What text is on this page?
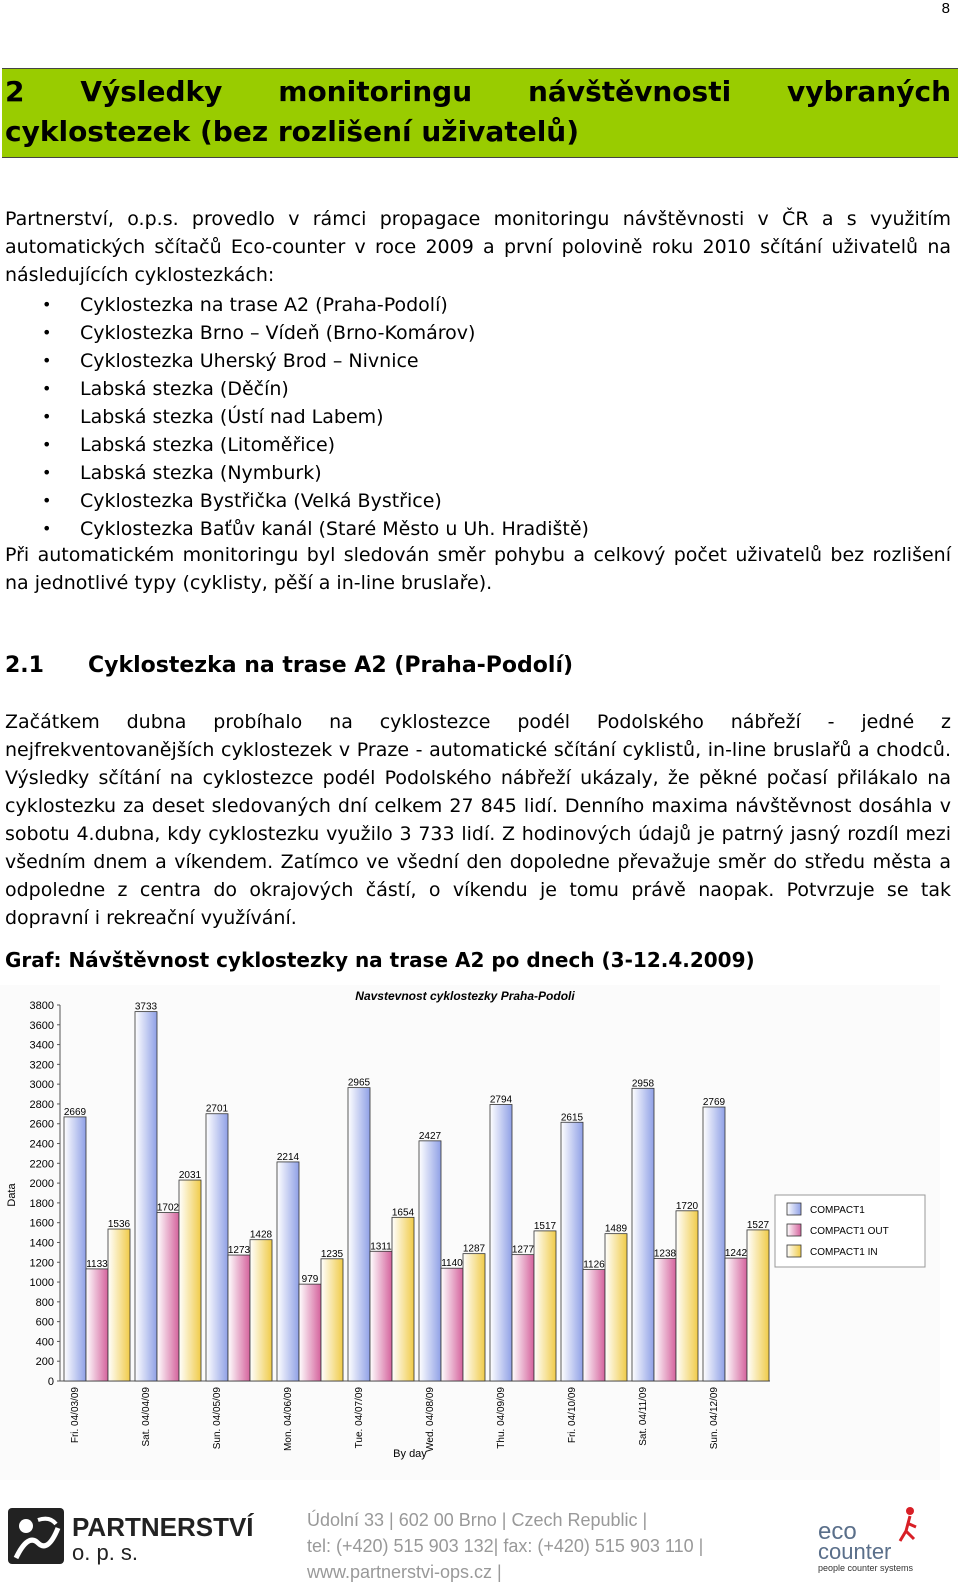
8
2 Výsledky monitoringu návštěvnosti vybraných cyklostezek (bez rozlišení uživatelů)

Partnerství, o.p.s. provedlo v rámci propagace monitoringu návštěvnosti v ČR a s využitím automatických sčítačů Eco-counter v roce 2009 a první polovině roku 2010 sčítání uživatelů na následujících cyklostezkách:

• Cyklostezka na trase A2 (Praha-Podolí)
• Cyklostezka Brno – Vídeň (Brno-Komárov)
• Cyklostezka Uherský Brod – Nivnice
• Labská stezka (Děčín)
• Labská stezka (Ústí nad Labem)
• Labská stezka (Litoměřice)
• Labská stezka (Nymburk)
• Cyklostezka Bystřička (Velká Bystřice)
• Cyklostezka Baťův kanál (Staré Město u Uh. Hradiště)

Při automatickém monitoringu byl sledován směr pohybu a celkový počet uživatelů bez rozlišení na jednotlivé typy (cyklisty, pěší a in-line bruslaře).

2.1 Cyklostezka na trase A2 (Praha-Podolí)

Začátkem dubna probíhalo na cyklostezce podél Podolského nábřeží - jedné z nejfrekventovanějších cyklostezek v Praze - automatické sčítání cyklistů, in-line bruslařů a chodců. Výsledky sčítání na cyklostezce podél Podolského nábřeží ukázaly, že pěkné počasí přilákalo na cyklostezku za deset sledovaných dní celkem 27 845 lidí. Denního maxima návštěvnost dosáhla v sobotu 4.dubna, kdy cyklostezku využilo 3 733 lidí. Z hodinových údajů je patrný jasný rozdíl mezi všedním dnem a víkendem. Zatímco ve všední den dopoledne převažuje směr do středu města a odpoledne z centra do okrajových částí, o víkendu je tomu právě naopak. Potvrzuje se tak dopravní i rekreační využívání.

Graf: Návštěvnost cyklostezky na trase A2 po dnech (3-12.4.2009)
Navstevnost cyklostezky Praha-Podoli
0
200
400
600
800
1000
1200
1400
1600
1800
2000
2200
2400
2600
2800
3000
3200
3400
3600
3800
2669
1133
1536
3733
1702
2031
2701
1273
1428
2214
979
1235
2965
1311
1654
2427
1140
1287
2794
1277
1517
2615
1126
1489
2958
1238
1720
2769
1242
1527
Fri. 04/03/09	Sat. 04/04/09	Sun. 04/05/09	Mon. 04/06/09	Tue. 04/07/09	Wed. 04/08/09	Thu. 04/09/09	Fri. 04/10/09	Sat. 04/11/09	Sun. 04/12/09
COMPACT1
COMPACT1 OUT
COMPACT1 IN
Data
By day
PARTNERSTVÍ
o. p. s.
Údolní 33 | 602 00 Brno | Czech Republic |
tel: (+420) 515 903 132| fax: (+420) 515 903 110 |
www.partnerstvi-ops.cz |
eco
counter
people counter systems
